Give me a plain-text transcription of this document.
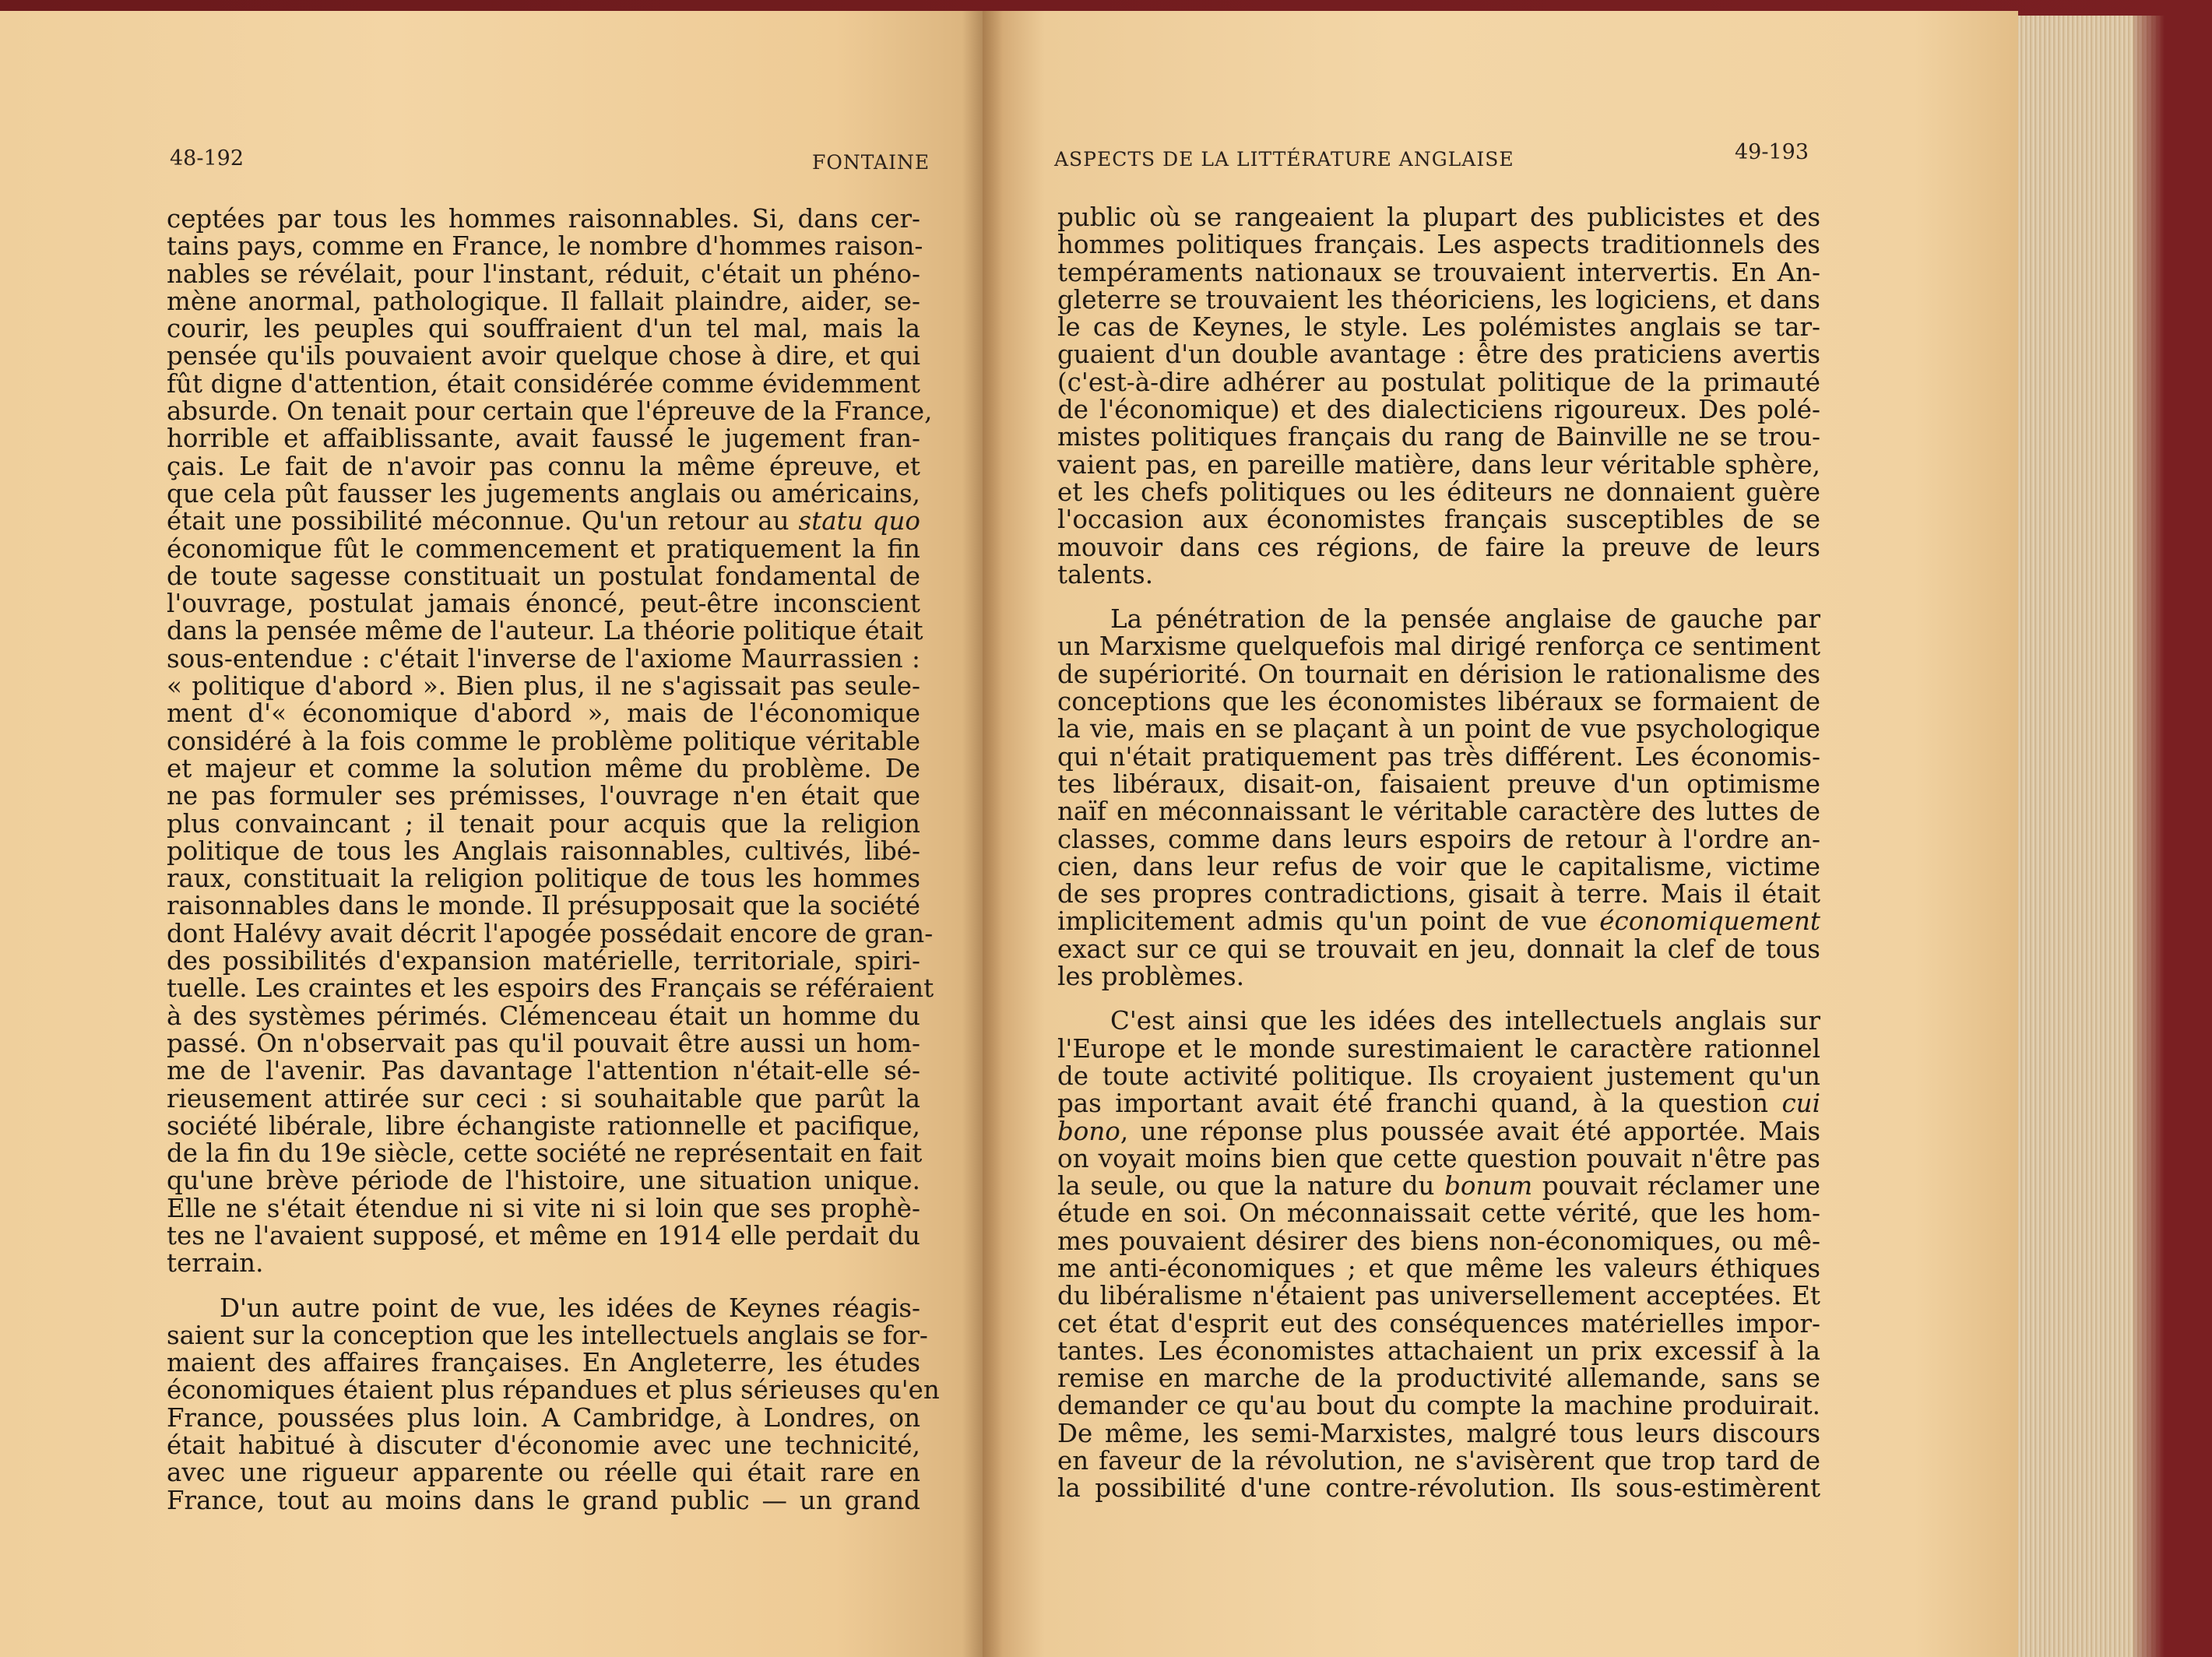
48-192	FONTAINE	ASPECTS DE LA LITTÉRATURE ANGLAISE	49-193
ceptées par tous les hommes raisonnables. Si, dans cer-
tains pays, comme en France, le nombre d'hommes raison-
nables se révélait, pour l'instant, réduit, c'était un phéno-
mène anormal, pathologique. Il fallait plaindre, aider, se-
courir, les peuples qui souffraient d'un tel mal, mais la
pensée qu'ils pouvaient avoir quelque chose à dire, et qui
fût digne d'attention, était considérée comme évidemment
absurde. On tenait pour certain que l'épreuve de la France,
horrible et affaiblissante, avait faussé le jugement fran-
çais. Le fait de n'avoir pas connu la même épreuve, et
que cela pût fausser les jugements anglais ou américains,
était une possibilité méconnue. Qu'un retour au statu quo
économique fût le commencement et pratiquement la fin
de toute sagesse constituait un postulat fondamental de
l'ouvrage, postulat jamais énoncé, peut-être inconscient
dans la pensée même de l'auteur. La théorie politique était
sous-entendue : c'était l'inverse de l'axiome Maurrassien :
« politique d'abord ». Bien plus, il ne s'agissait pas seule-
ment d'« économique d'abord », mais de l'économique
considéré à la fois comme le problème politique véritable
et majeur et comme la solution même du problème. De
ne pas formuler ses prémisses, l'ouvrage n'en était que
plus convaincant ; il tenait pour acquis que la religion
politique de tous les Anglais raisonnables, cultivés, libé-
raux, constituait la religion politique de tous les hommes
raisonnables dans le monde. Il présupposait que la société
dont Halévy avait décrit l'apogée possédait encore de gran-
des possibilités d'expansion matérielle, territoriale, spiri-
tuelle. Les craintes et les espoirs des Français se référaient
à des systèmes périmés. Clémenceau était un homme du
passé. On n'observait pas qu'il pouvait être aussi un hom-
me de l'avenir. Pas davantage l'attention n'était-elle sé-
rieusement attirée sur ceci : si souhaitable que parût la
société libérale, libre échangiste rationnelle et pacifique,
de la fin du 19e siècle, cette société ne représentait en fait
qu'une brève période de l'histoire, une situation unique.
Elle ne s'était étendue ni si vite ni si loin que ses prophè-
tes ne l'avaient supposé, et même en 1914 elle perdait du
terrain.
D'un autre point de vue, les idées de Keynes réagis-
saient sur la conception que les intellectuels anglais se for-
maient des affaires françaises. En Angleterre, les études
économiques étaient plus répandues et plus sérieuses qu'en
France, poussées plus loin. A Cambridge, à Londres, on
était habitué à discuter d'économie avec une technicité,
avec une rigueur apparente ou réelle qui était rare en
France, tout au moins dans le grand public — un grand
public où se rangeaient la plupart des publicistes et des
hommes politiques français. Les aspects traditionnels des
tempéraments nationaux se trouvaient intervertis. En An-
gleterre se trouvaient les théoriciens, les logiciens, et dans
le cas de Keynes, le style. Les polémistes anglais se tar-
guaient d'un double avantage : être des praticiens avertis
(c'est-à-dire adhérer au postulat politique de la primauté
de l'économique) et des dialecticiens rigoureux. Des polé-
mistes politiques français du rang de Bainville ne se trou-
vaient pas, en pareille matière, dans leur véritable sphère,
et les chefs politiques ou les éditeurs ne donnaient guère
l'occasion aux économistes français susceptibles de se
mouvoir dans ces régions, de faire la preuve de leurs
talents.
La pénétration de la pensée anglaise de gauche par
un Marxisme quelquefois mal dirigé renforça ce sentiment
de supériorité. On tournait en dérision le rationalisme des
conceptions que les économistes libéraux se formaient de
la vie, mais en se plaçant à un point de vue psychologique
qui n'était pratiquement pas très différent. Les économis-
tes libéraux, disait-on, faisaient preuve d'un optimisme
naïf en méconnaissant le véritable caractère des luttes de
classes, comme dans leurs espoirs de retour à l'ordre an-
cien, dans leur refus de voir que le capitalisme, victime
de ses propres contradictions, gisait à terre. Mais il était
implicitement admis qu'un point de vue économiquement
exact sur ce qui se trouvait en jeu, donnait la clef de tous
les problèmes.
C'est ainsi que les idées des intellectuels anglais sur
l'Europe et le monde surestimaient le caractère rationnel
de toute activité politique. Ils croyaient justement qu'un
pas important avait été franchi quand, à la question cui
bono, une réponse plus poussée avait été apportée. Mais
on voyait moins bien que cette question pouvait n'être pas
la seule, ou que la nature du bonum pouvait réclamer une
étude en soi. On méconnaissait cette vérité, que les hom-
mes pouvaient désirer des biens non-économiques, ou mê-
me anti-économiques ; et que même les valeurs éthiques
du libéralisme n'étaient pas universellement acceptées. Et
cet état d'esprit eut des conséquences matérielles impor-
tantes. Les économistes attachaient un prix excessif à la
remise en marche de la productivité allemande, sans se
demander ce qu'au bout du compte la machine produirait.
De même, les semi-Marxistes, malgré tous leurs discours
en faveur de la révolution, ne s'avisèrent que trop tard de
la possibilité d'une contre-révolution. Ils sous-estimèrent
